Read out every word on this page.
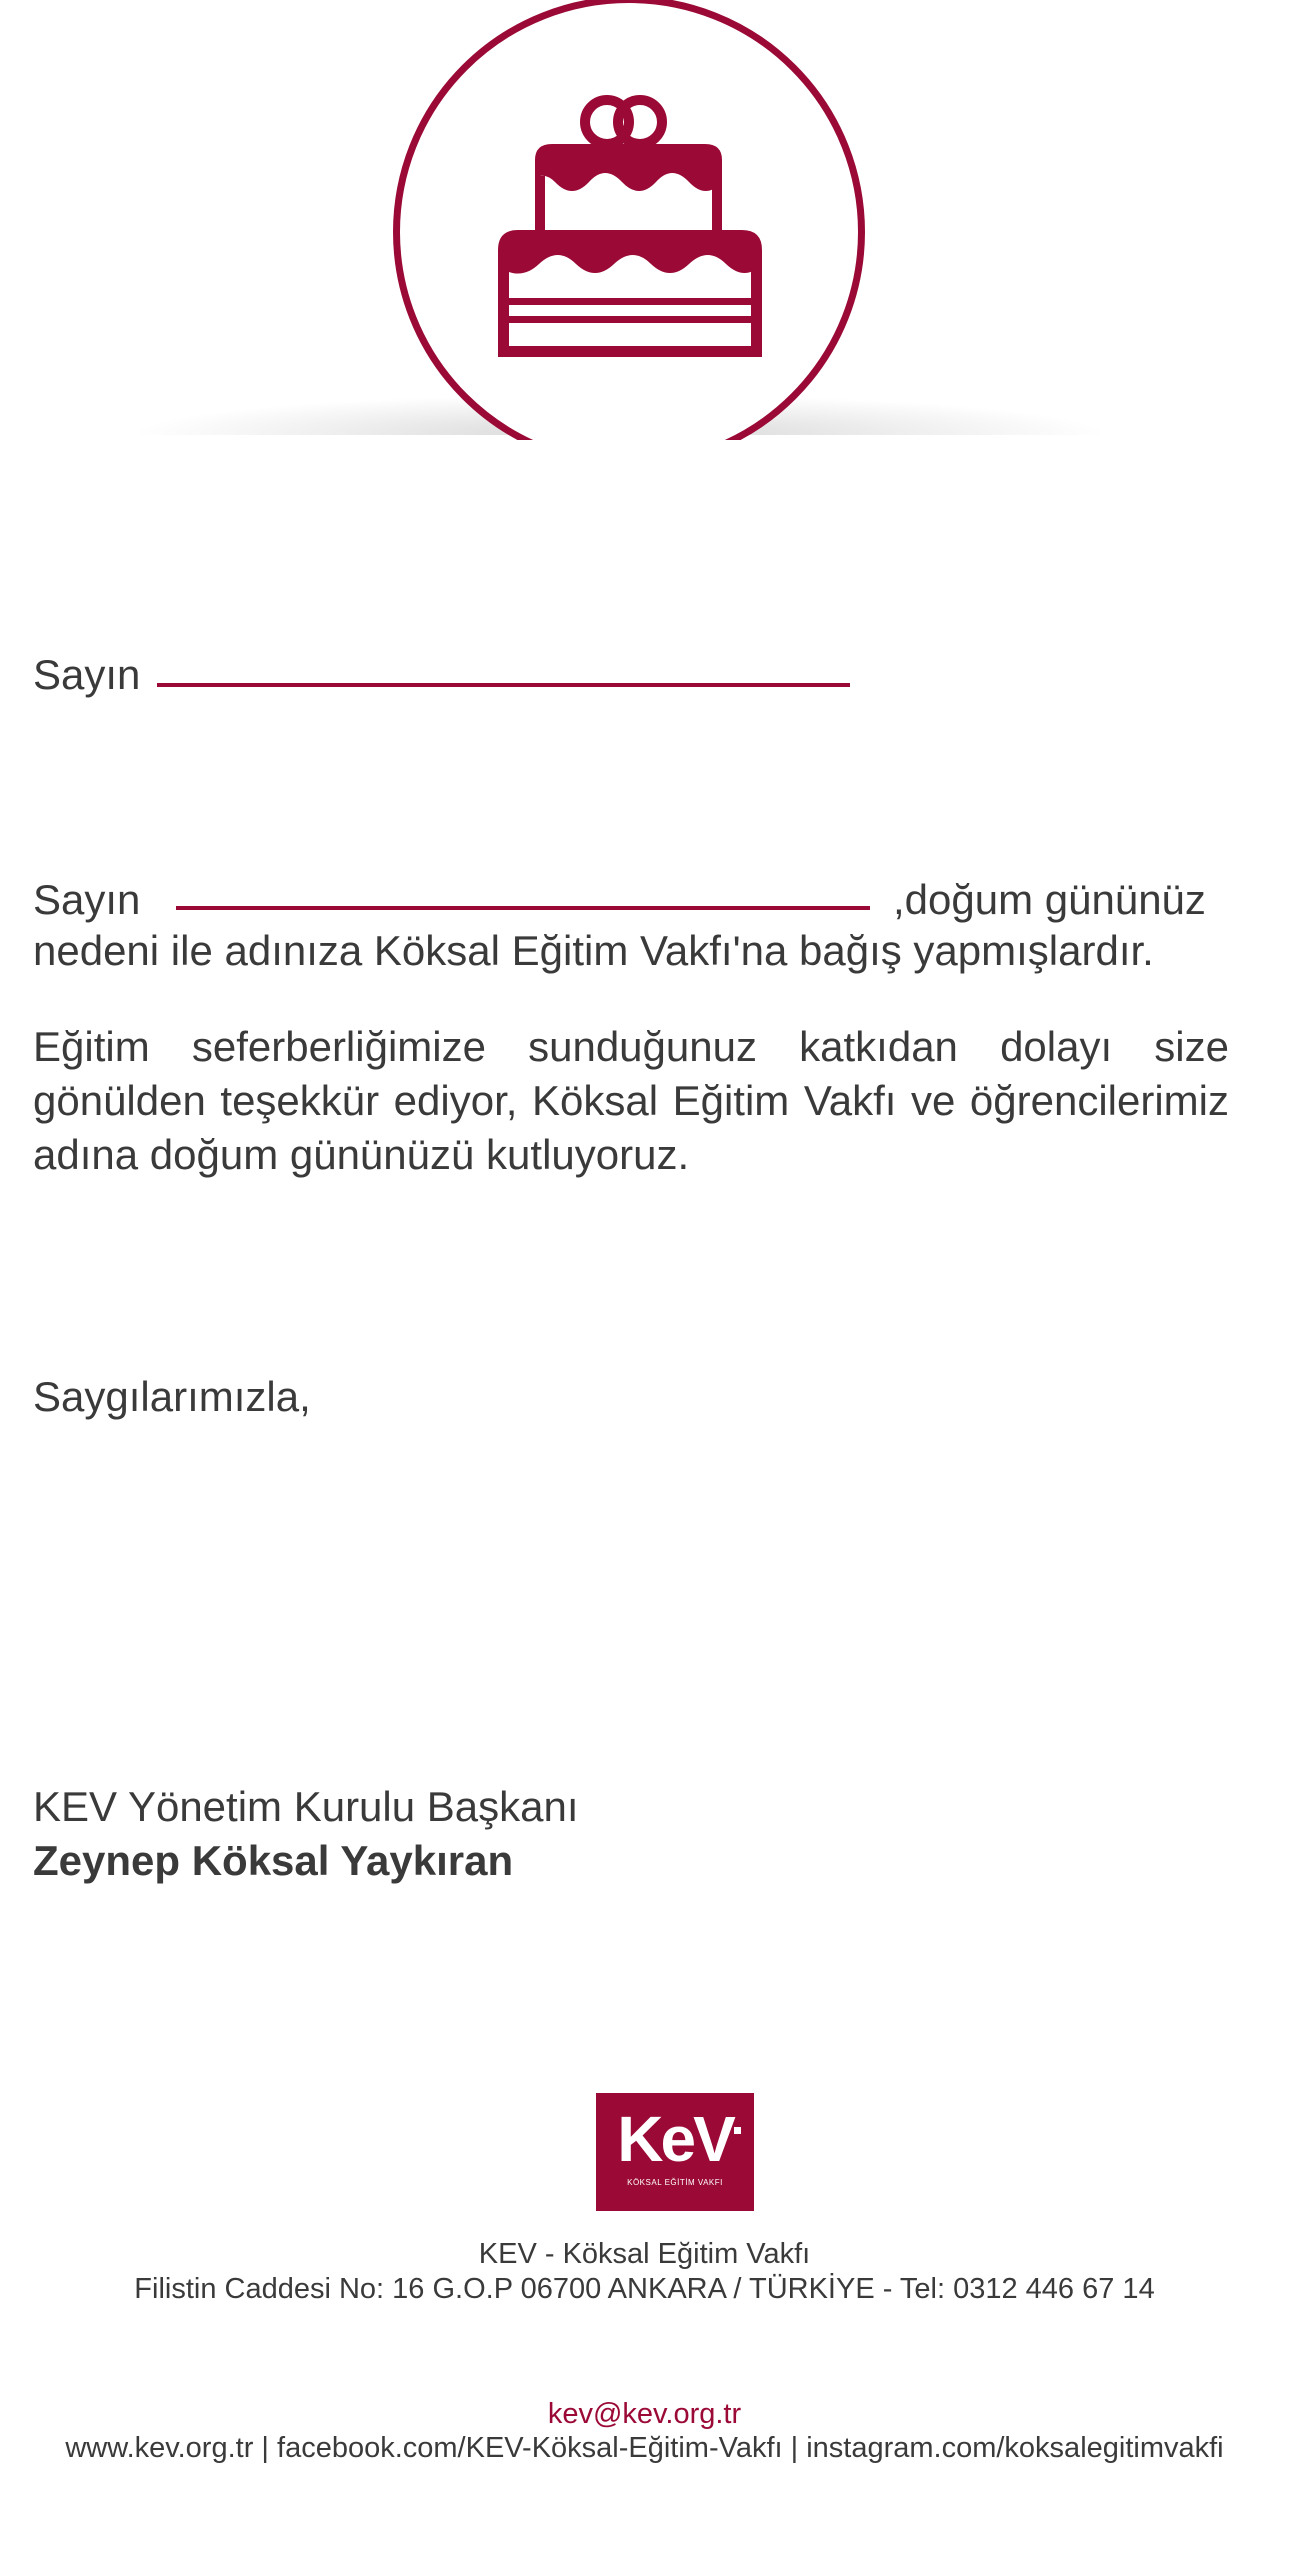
Sayın
Sayın	,doğum gününüz
nedeni ile adınıza Köksal Eğitim Vakfı'na bağış yapmışlardır.
Eğitim seferberliğimize sunduğunuz katkıdan dolayı size gönülden teşekkür ediyor, Köksal Eğitim Vakfı ve öğrencilerimiz adına doğum gününüzü kutluyoruz.
Saygılarımızla,
KEV Yönetim Kurulu Başkanı
Zeynep Köksal Yaykıran
KeV
KÖKSAL EĞİTİM VAKFI
KEV - Köksal Eğitim Vakfı
Filistin Caddesi No: 16 G.O.P 06700 ANKARA / TÜRKİYE - Tel: 0312 446 67 14
kev@kev.org.tr
www.kev.org.tr | facebook.com/KEV-Köksal-Eğitim-Vakfı | instagram.com/koksalegitimvakfi
